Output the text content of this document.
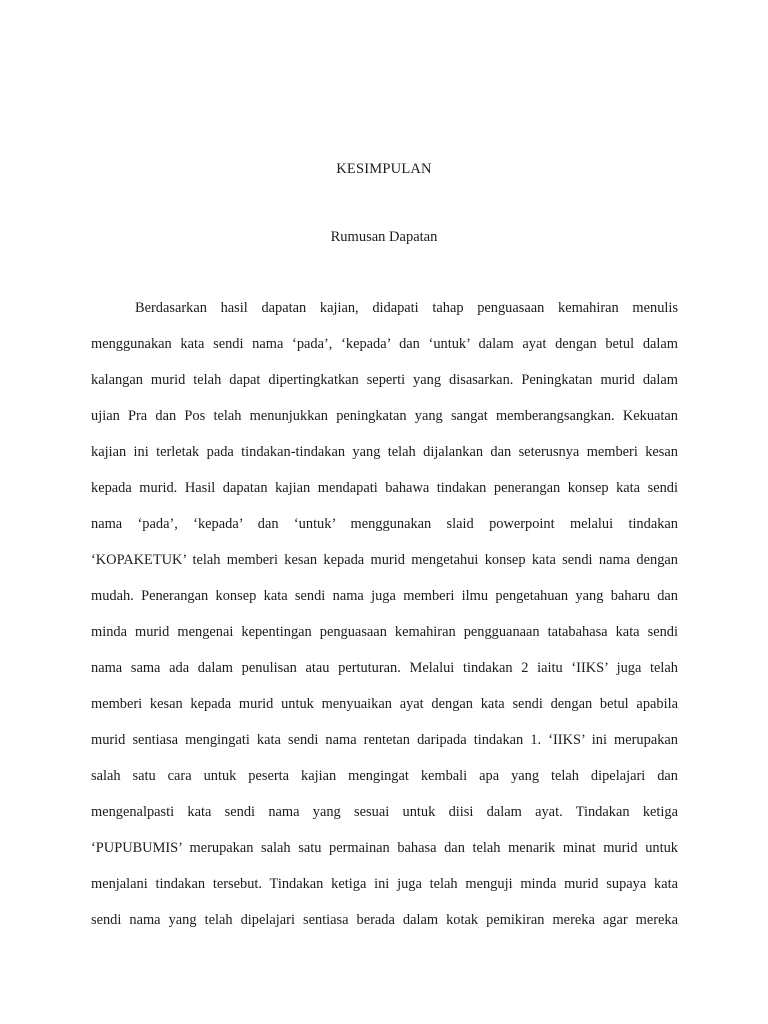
KESIMPULAN
Rumusan Dapatan
Berdasarkan hasil dapatan kajian, didapati tahap penguasaan kemahiran menulis
menggunakan kata sendi nama ‘pada’, ‘kepada’ dan ‘untuk’ dalam ayat dengan betul dalam
kalangan murid telah dapat dipertingkatkan seperti yang disasarkan. Peningkatan murid dalam
ujian Pra dan Pos telah menunjukkan peningkatan yang sangat memberangsangkan. Kekuatan
kajian ini terletak pada tindakan-tindakan yang telah dijalankan dan seterusnya memberi kesan
kepada murid. Hasil dapatan kajian mendapati bahawa tindakan penerangan konsep kata sendi
nama ‘pada’, ‘kepada’ dan ‘untuk’ menggunakan slaid powerpoint melalui tindakan
‘KOPAKETUK’ telah memberi kesan kepada murid mengetahui konsep kata sendi nama dengan
mudah. Penerangan konsep kata sendi nama juga memberi ilmu pengetahuan yang baharu dan
minda murid mengenai kepentingan penguasaan kemahiran pengguanaan tatabahasa kata sendi
nama sama ada dalam penulisan atau pertuturan. Melalui tindakan 2 iaitu ‘IIKS’ juga telah
memberi kesan kepada murid untuk menyuaikan ayat dengan kata sendi dengan betul apabila
murid sentiasa mengingati kata sendi nama rentetan daripada tindakan 1. ‘IIKS’ ini merupakan
salah satu cara untuk peserta kajian mengingat kembali apa yang telah dipelajari dan
mengenalpasti kata sendi nama yang sesuai untuk diisi dalam ayat. Tindakan ketiga
‘PUPUBUMIS’ merupakan salah satu permainan bahasa dan telah menarik minat murid untuk
menjalani tindakan tersebut. Tindakan ketiga ini juga telah menguji minda murid supaya kata
sendi nama yang telah dipelajari sentiasa berada dalam kotak pemikiran mereka agar mereka
